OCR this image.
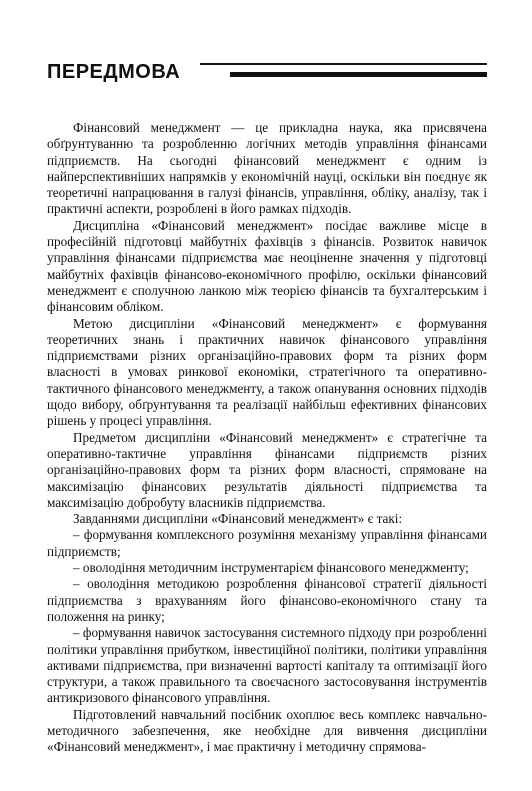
ПЕРЕДМОВА

Фінансовий менеджмент — це прикладна наука, яка присвячена обґрунтуванню та розробленню логічних методів управління фінансами підприємств. На сьогодні фінансовий менеджмент є одним із найперспективніших напрямків у економічній науці, оскільки він поєднує як теоретичні напрацювання в галузі фінансів, управління, обліку, аналізу, так і практичні аспекти, розроблені в його рамках підходів.

Дисципліна «Фінансовий менеджмент» посідає важливе місце в професійній підготовці майбутніх фахівців з фінансів. Розвиток навичок управління фінансами підприємства має неоціненне значення у підготовці майбутніх фахівців фінансово-економічного профілю, оскільки фінансовий менеджмент є сполучною ланкою між теорією фінансів та бухгалтерським і фінансовим обліком.

Метою дисципліни «Фінансовий менеджмент» є формування теоретичних знань і практичних навичок фінансового управління підприємствами різних організаційно-правових форм та різних форм власності в умовах ринкової економіки, стратегічного та оперативно-тактичного фінансового менеджменту, а також опанування основних підходів щодо вибору, обґрунтування та реалізації найбільш ефективних фінансових рішень у процесі управління.

Предметом дисципліни «Фінансовий менеджмент» є стратегічне та оперативно-тактичне управління фінансами підприємств різних організаційно-правових форм та різних форм власності, спрямоване на максимізацію фінансових результатів діяльності підприємства та максимізацію добробуту власників підприємства.

Завданнями дисципліни «Фінансовий менеджмент» є такі:

– формування комплексного розуміння механізму управління фінансами підприємств;

– оволодіння методичним інструментарієм фінансового менеджменту;

– оволодіння методикою розроблення фінансової стратегії діяльності підприємства з врахуванням його фінансово-економічного стану та положення на ринку;

– формування навичок застосування системного підходу при розробленні політики управління прибутком, інвестиційної політики, політики управління активами підприємства, при визначенні вартості капіталу та оптимізації його структури, а також правильного та своєчасного застосовування інструментів антикризового фінансового управління.

Підготовлений навчальний посібник охоплює весь комплекс навчально-методичного забезпечення, яке необхідне для вивчення дисципліни «Фінансовий менеджмент», і має практичну і методичну спрямова-
